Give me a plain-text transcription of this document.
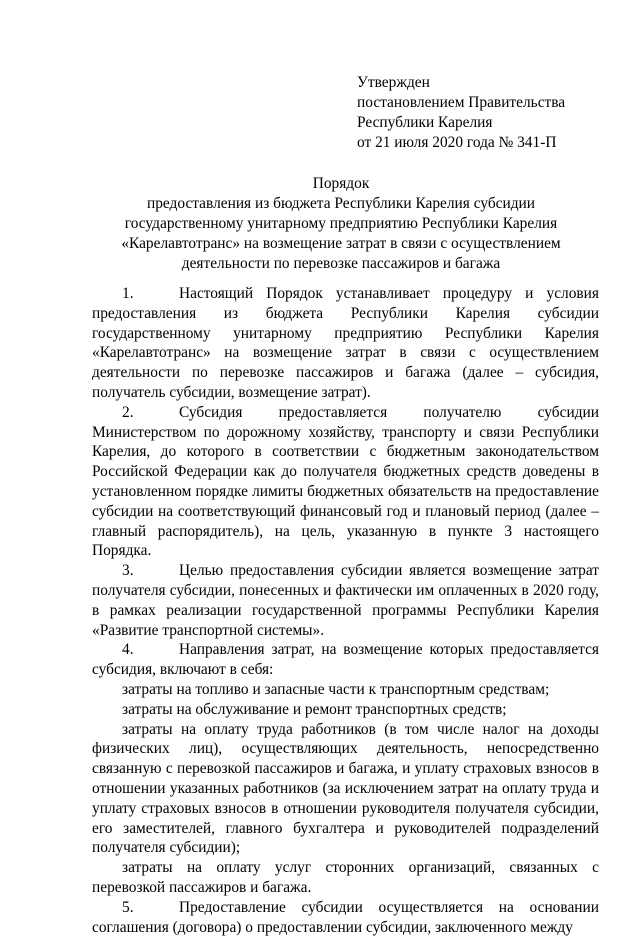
Утвержден
постановлением Правительства
Республики Карелия
от 21 июля 2020 года № 341-П
Порядок
предоставления из бюджета Республики Карелия субсидии
государственному унитарному предприятию Республики Карелия
«Карелавтотранс» на возмещение затрат в связи с осуществлением
деятельности по перевозке пассажиров и багажа

1.	Настоящий Порядок устанавливает процедуру и условия предоставления из бюджета Республики Карелия субсидии государственному унитарному предприятию Республики Карелия «Карелавтотранс» на возмещение затрат в связи с осуществлением деятельности по перевозке пассажиров и багажа (далее – субсидия, получатель субсидии, возмещение затрат).

2.	Субсидия предоставляется получателю субсидии Министерством по дорожному хозяйству, транспорту и связи Республики Карелия, до которого в соответствии с бюджетным законодательством Российской Федерации как до получателя бюджетных средств доведены в установленном порядке лимиты бюджетных обязательств на предоставление субсидии на соответствующий финансовый год и плановый период (далее – главный распорядитель), на цель, указанную в пункте 3 настоящего Порядка.

3.	Целью предоставления субсидии является возмещение затрат получателя субсидии, понесенных и фактически им оплаченных в 2020 году, в рамках реализации государственной программы Республики Карелия «Развитие транспортной системы».

4.	Направления затрат, на возмещение которых предоставляется субсидия, включают в себя:

затраты на топливо и запасные части к транспортным средствам;

затраты на обслуживание и ремонт транспортных средств;

затраты на оплату труда работников (в том числе налог на доходы физических лиц), осуществляющих деятельность, непосредственно связанную с перевозкой пассажиров и багажа, и уплату страховых взносов в отношении указанных работников (за исключением затрат на оплату труда и уплату страховых взносов в отношении руководителя получателя субсидии, его заместителей, главного бухгалтера и руководителей подразделений получателя субсидии);

затраты на оплату услуг сторонних организаций, связанных с перевозкой пассажиров и багажа.

5.	Предоставление субсидии осуществляется на основании соглашения (договора) о предоставлении субсидии, заключенного между
